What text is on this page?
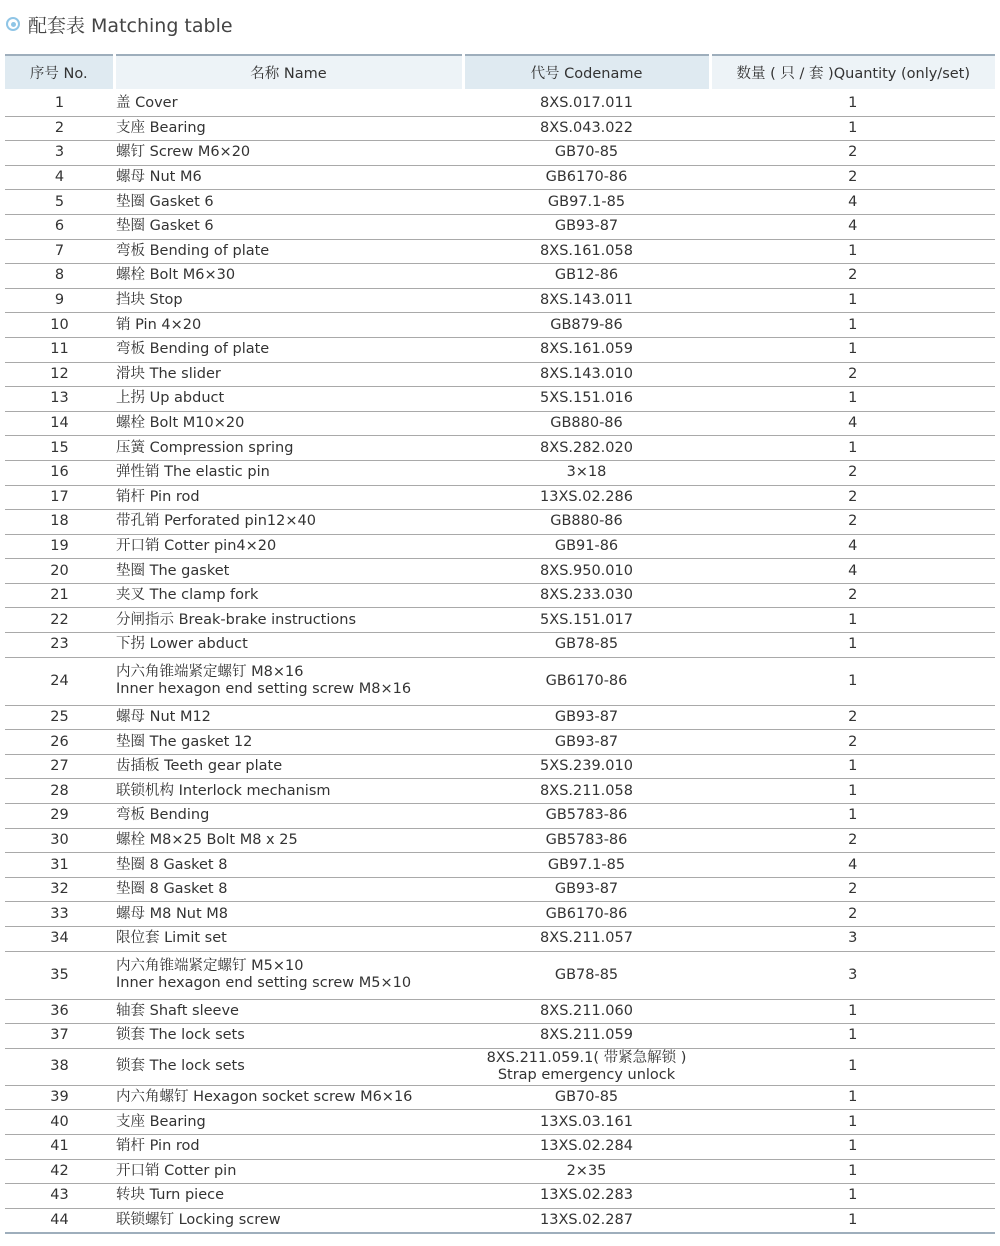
配套表 Matching table
序号 No.	名称 Name	代号 Codename	数量 ( 只 / 套 )Quantity (only/set)
1	盖 Cover	8XS.017.011	1
2	支座 Bearing	8XS.043.022	1
3	螺钉 Screw M6×20	GB70-85	2
4	螺母 Nut M6	GB6170-86	2
5	垫圈 Gasket 6	GB97.1-85	4
6	垫圈 Gasket 6	GB93-87	4
7	弯板 Bending of plate	8XS.161.058	1
8	螺栓 Bolt M6×30	GB12-86	2
9	挡块 Stop	8XS.143.011	1
10	销 Pin 4×20	GB879-86	1
11	弯板 Bending of plate	8XS.161.059	1
12	滑块 The slider	8XS.143.010	2
13	上拐 Up abduct	5XS.151.016	1
14	螺栓 Bolt M10×20	GB880-86	4
15	压簧 Compression spring	8XS.282.020	1
16	弹性销 The elastic pin	3×18	2
17	销杆 Pin rod	13XS.02.286	2
18	带孔销 Perforated pin12×40	GB880-86	2
19	开口销 Cotter pin4×20	GB91-86	4
20	垫圈 The gasket	8XS.950.010	4
21	夹叉 The clamp fork	8XS.233.030	2
22	分闸指示 Break-brake instructions	5XS.151.017	1
23	下拐 Lower abduct	GB78-85	1
24	内六角锥端紧定螺钉 M8×16
Inner hexagon end setting screw M8×16	GB6170-86	1
25	螺母 Nut M12	GB93-87	2
26	垫圈 The gasket 12	GB93-87	2
27	齿插板 Teeth gear plate	5XS.239.010	1
28	联锁机构 Interlock mechanism	8XS.211.058	1
29	弯板 Bending	GB5783-86	1
30	螺栓 M8×25 Bolt M8 x 25	GB5783-86	2
31	垫圈 8 Gasket 8	GB97.1-85	4
32	垫圈 8 Gasket 8	GB93-87	2
33	螺母 M8 Nut M8	GB6170-86	2
34	限位套 Limit set	8XS.211.057	3
35	内六角锥端紧定螺钉 M5×10
Inner hexagon end setting screw M5×10	GB78-85	3
36	轴套 Shaft sleeve	8XS.211.060	1
37	锁套 The lock sets	8XS.211.059	1
38	锁套 The lock sets	8XS.211.059.1( 带紧急解锁 )
Strap emergency unlock	1
39	内六角螺钉 Hexagon socket screw M6×16	GB70-85	1
40	支座 Bearing	13XS.03.161	1
41	销杆 Pin rod	13XS.02.284	1
42	开口销 Cotter pin	2×35	1
43	转块 Turn piece	13XS.02.283	1
44	联锁螺钉 Locking screw	13XS.02.287	1
